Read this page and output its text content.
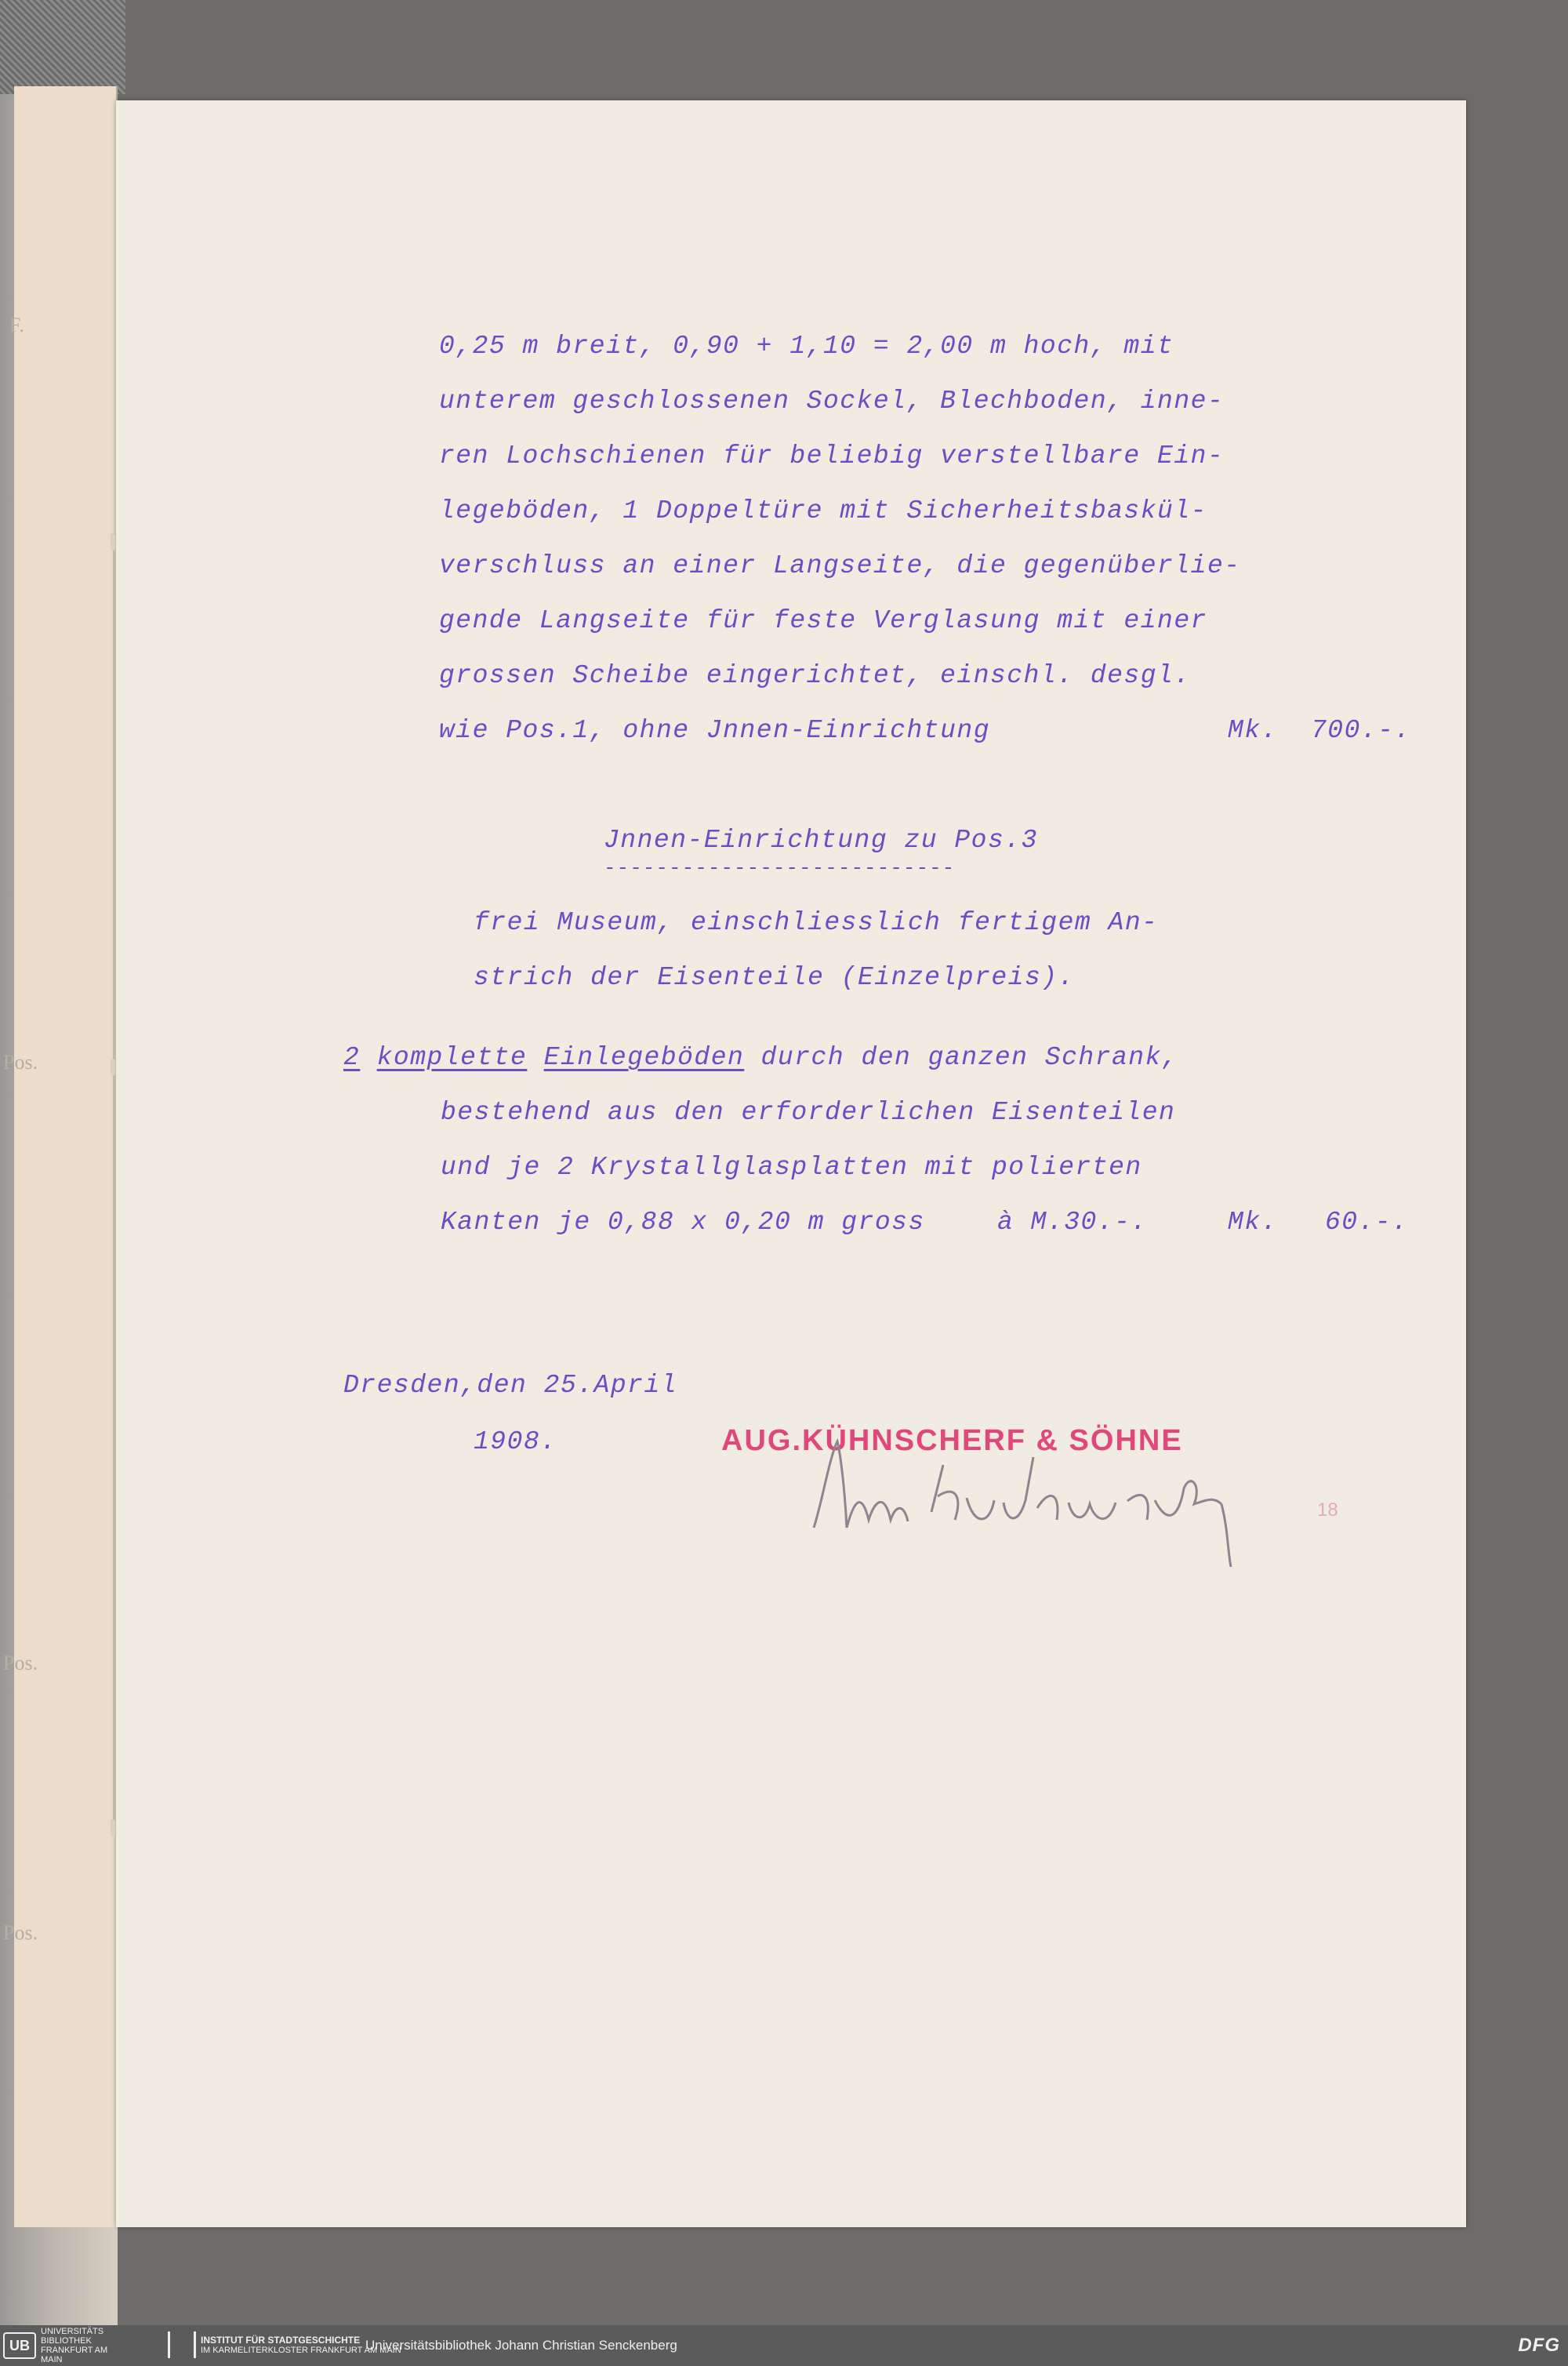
F.
Pos.
Pos.
Pos.
0,25 m breit, 0,90 + 1,10 = 2,00 m hoch, mit
unterem geschlossenen Sockel, Blechboden, inne-
ren Lochschienen für beliebig verstellbare Ein-
legeböden, 1 Doppeltüre mit Sicherheitsbaskül-
verschluss an einer Langseite, die gegenüberlie-
gende Langseite für feste Verglasung mit einer
grossen Scheibe eingerichtet, einschl. desgl.
wie Pos.1, ohne Jnnen-Einrichtung	Mk. 700.-.
Jnnen-Einrichtung zu Pos.3
---------------------------
frei Museum, einschliesslich fertigem An-
strich der Eisenteile (Einzelpreis).
2 komplette Einlegeböden durch den ganzen Schrank,
bestehend aus den erforderlichen Eisenteilen
und je 2 Krystallglasplatten mit polierten
Kanten je 0,88 x 0,20 m gross	à M.30.-.	Mk. 60.-.
Dresden,den 25.April
1908.	AUG.KÜHNSCHERF & SÖHNE
18
UB
UNIVERSITÄTS BIBLIOTHEK FRANKFURT AM MAIN
INSTITUT FÜR STADTGESCHICHTE
IM KARMELITERKLOSTER FRANKFURT AM MAIN
Universitätsbibliothek Johann Christian Senckenberg	DFG
